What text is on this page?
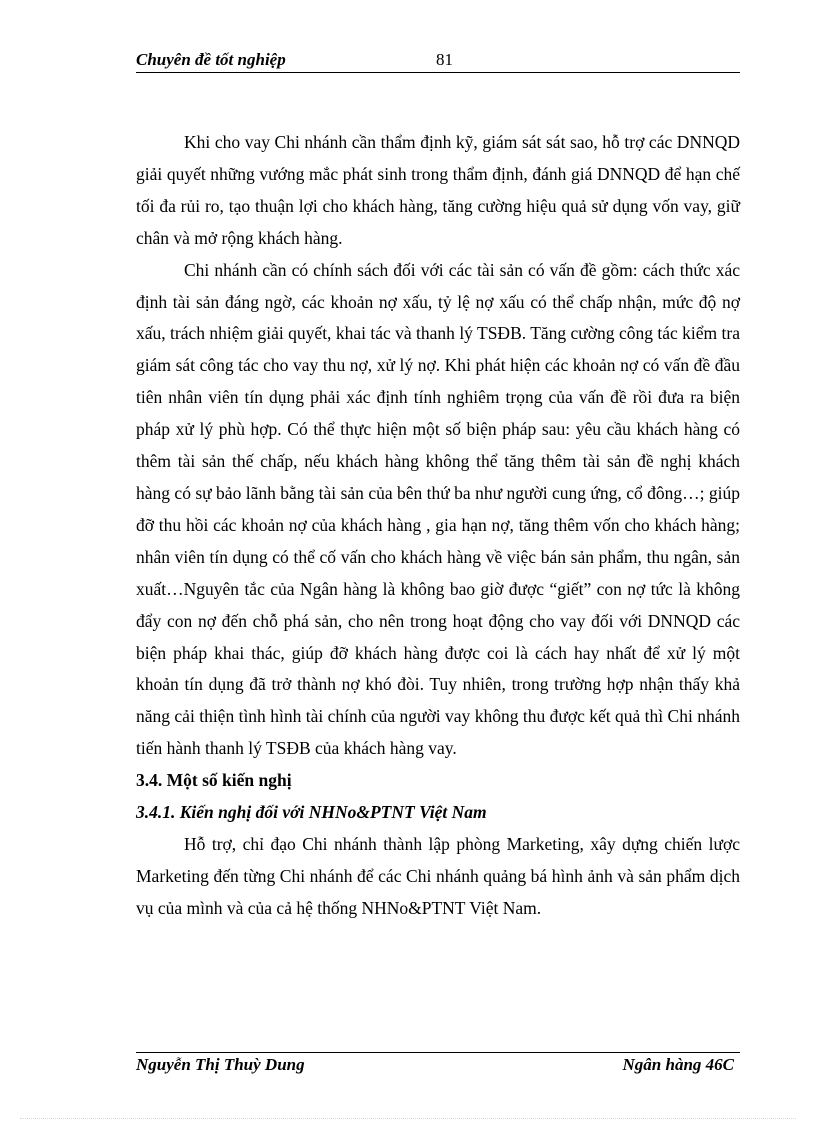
Chuyên đề tốt nghiệp	81

Khi cho vay Chi nhánh cần thẩm định kỹ, giám sát sát sao, hỗ trợ các DNNQD giải quyết những vướng mắc phát sinh trong thẩm định, đánh giá DNNQD để hạn chế tối đa rủi ro, tạo thuận lợi cho khách hàng, tăng cường hiệu quả sử dụng vốn vay, giữ chân và mở rộng khách hàng.

Chi nhánh cần có chính sách đối với các tài sản có vấn đề gồm: cách thức xác định tài sản đáng ngờ, các khoản nợ xấu, tỷ lệ nợ xấu có thể chấp nhận, mức độ nợ xấu, trách nhiệm giải quyết, khai tác và thanh lý TSĐB. Tăng cường công tác kiểm tra giám sát công tác cho vay thu nợ, xử lý nợ. Khi phát hiện các khoản nợ có vấn đề đầu tiên nhân viên tín dụng phải xác định tính nghiêm trọng của vấn đề rồi đưa ra biện pháp xử lý phù hợp. Có thể thực hiện một số biện pháp sau: yêu cầu khách hàng có thêm tài sản thế chấp, nếu khách hàng không thể tăng thêm tài sản đề nghị khách hàng có sự bảo lãnh bằng tài sản của bên thứ ba như người cung ứng, cổ đông…; giúp đỡ thu hồi các khoản nợ của khách hàng , gia hạn nợ, tăng thêm vốn cho khách hàng; nhân viên tín dụng có thể cố vấn cho khách hàng về việc bán sản phẩm, thu ngân, sản xuất…Nguyên tắc của Ngân hàng là không bao giờ được “giết” con nợ tức là không đẩy con nợ đến chỗ phá sản, cho nên trong hoạt động cho vay đối với DNNQD các biện pháp khai thác, giúp đỡ khách hàng được coi là cách hay nhất để xử lý một khoản tín dụng đã trở thành nợ khó đòi. Tuy nhiên, trong trường hợp nhận thấy khả năng cải thiện tình hình tài chính của người vay không thu được kết quả thì Chi nhánh tiến hành thanh lý TSĐB của khách hàng vay.

3.4. Một số kiến nghị
3.4.1. Kiến nghị đối với NHNo&PTNT Việt Nam

Hỗ trợ, chỉ đạo Chi nhánh thành lập phòng Marketing, xây dựng chiến lược Marketing đến từng Chi nhánh để các Chi nhánh quảng bá hình ảnh và sản phẩm dịch vụ của mình và của cả hệ thống NHNo&PTNT Việt Nam.

Nguyễn Thị Thuỳ Dung	Ngân hàng 46C
